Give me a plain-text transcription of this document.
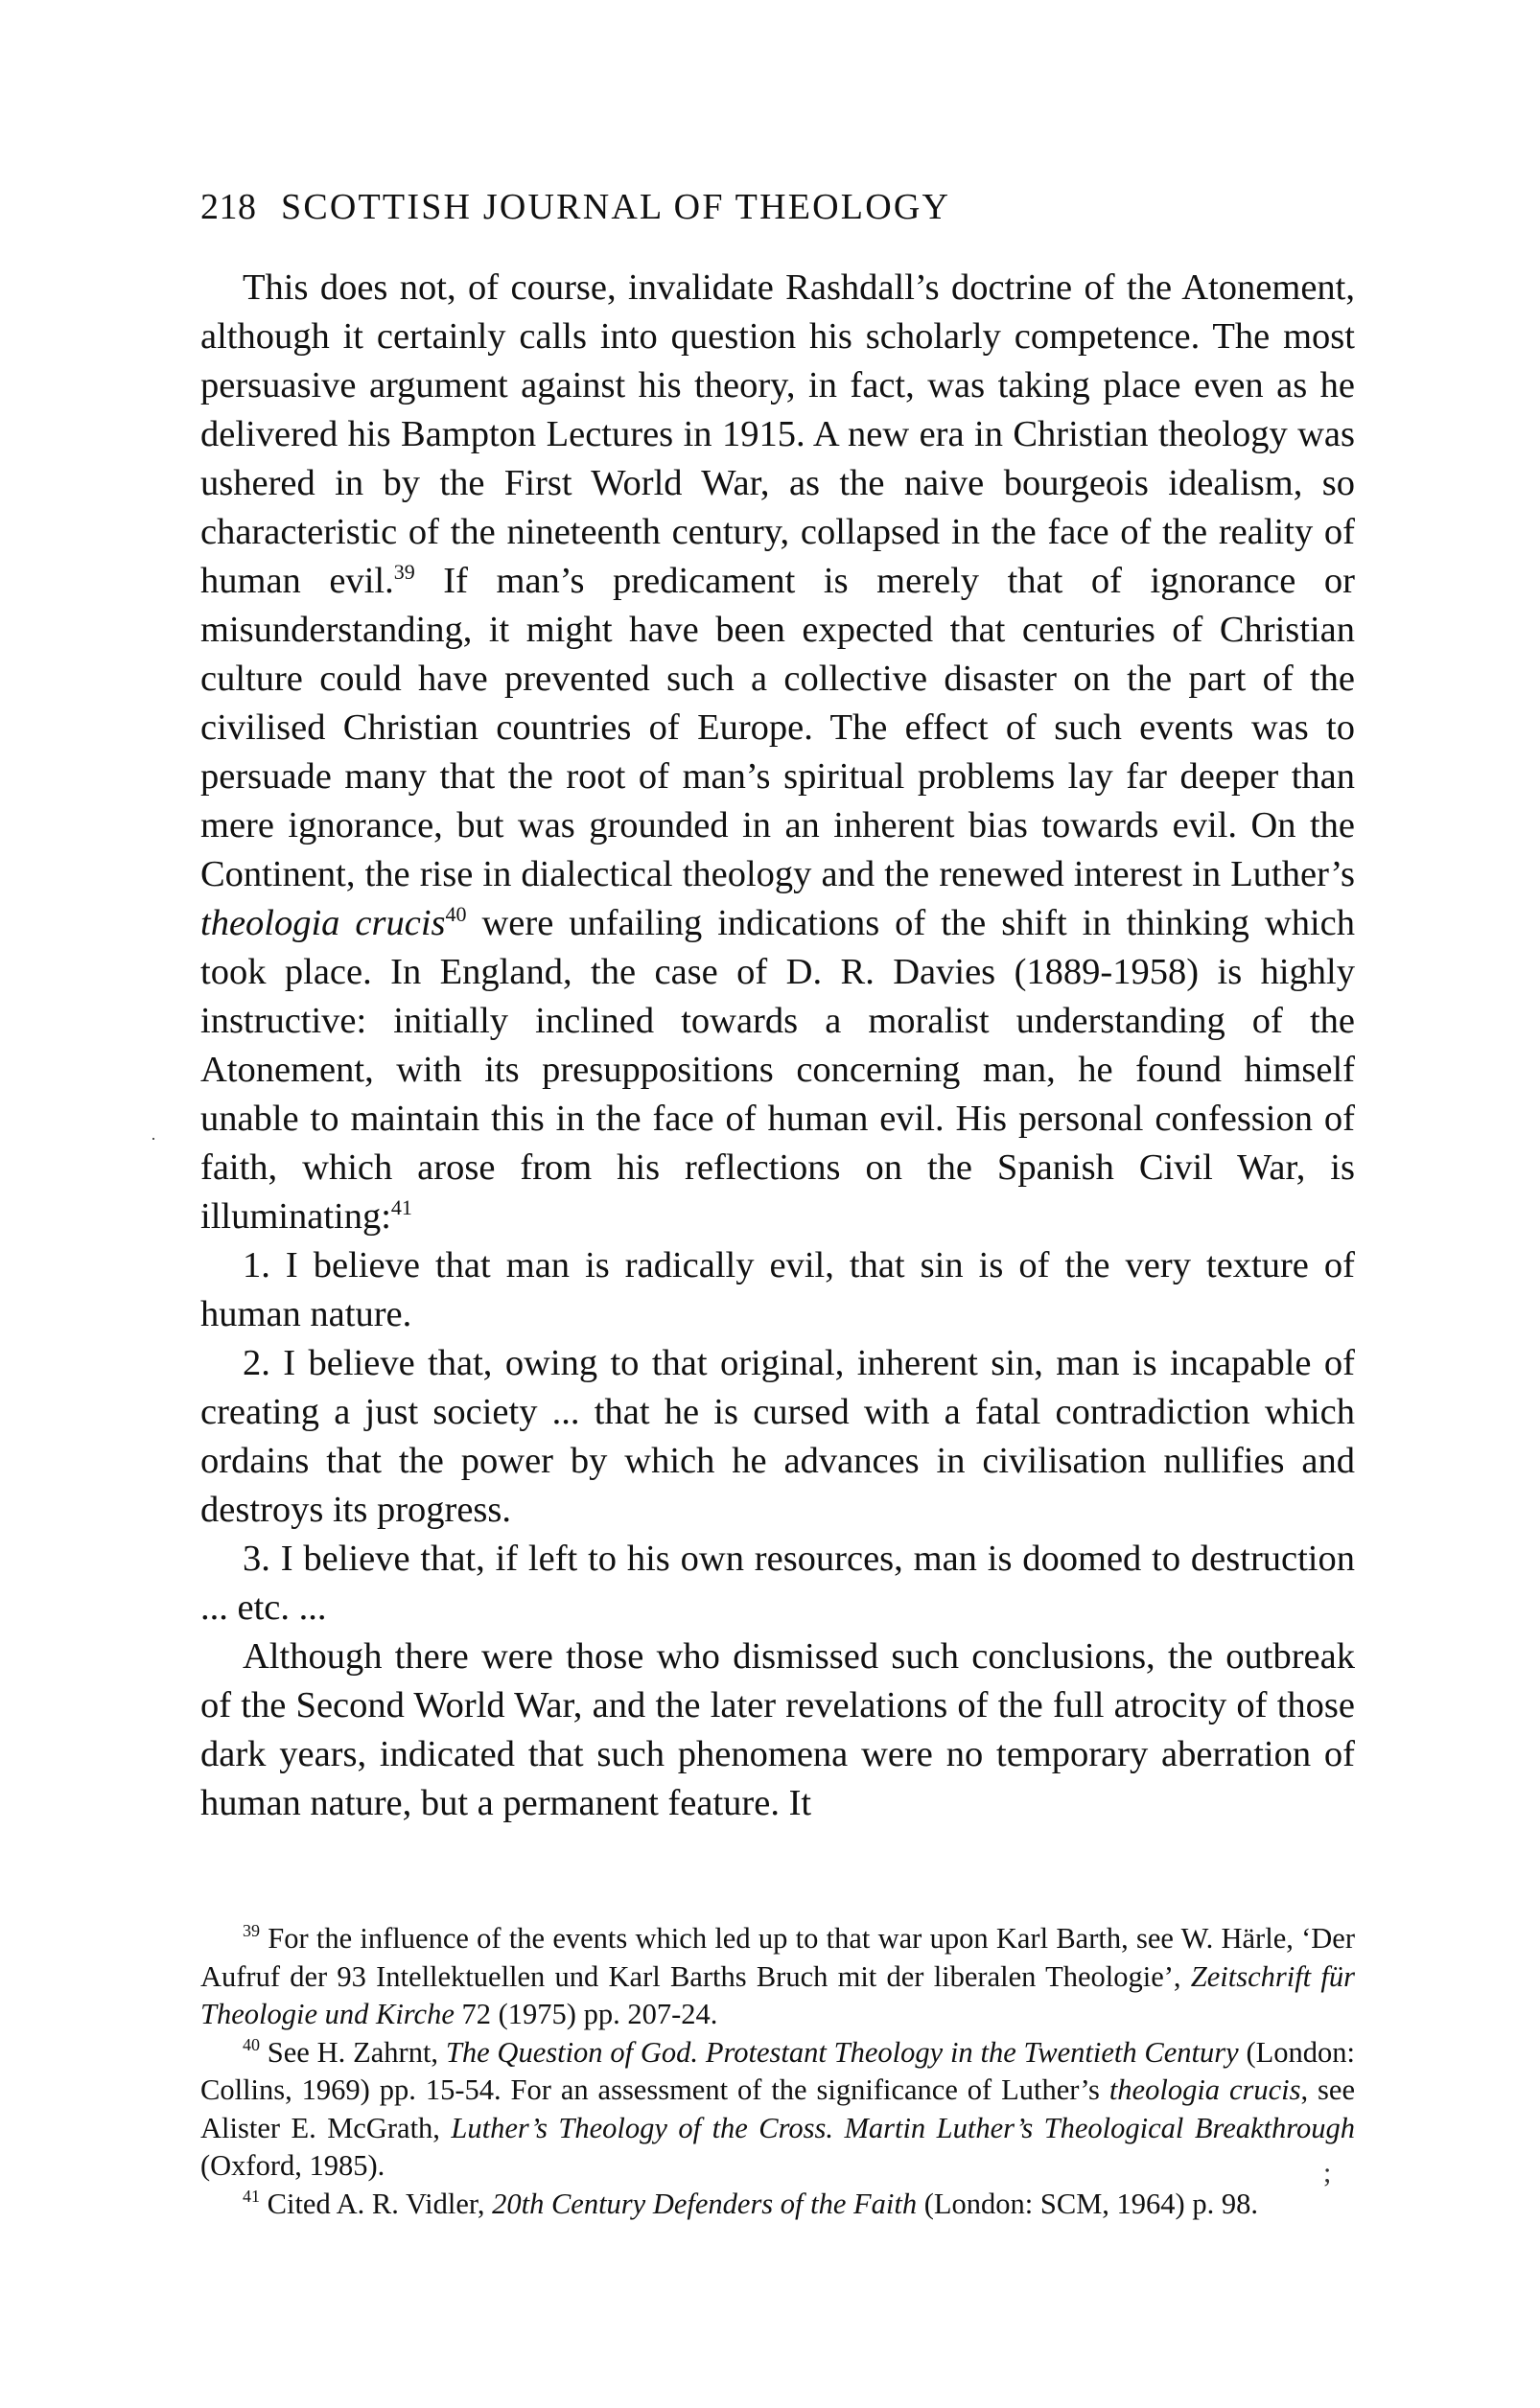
218 SCOTTISH JOURNAL OF THEOLOGY

This does not, of course, invalidate Rashdall’s doctrine of the Atonement, although it certainly calls into question his scholarly competence. The most persuasive argument against his theory, in fact, was taking place even as he delivered his Bampton Lectures in 1915. A new era in Christian theology was ushered in by the First World War, as the naive bourgeois idealism, so characteristic of the nineteenth century, collapsed in the face of the reality of human evil.$^{39}$ If man’s predicament is merely that of ignorance or misunderstanding, it might have been expected that centuries of Christian culture could have prevented such a collective disaster on the part of the civilised Christian countries of Europe. The effect of such events was to persuade many that the root of man’s spiritual problems lay far deeper than mere ignorance, but was grounded in an inherent bias towards evil. On the Continent, the rise in dialectical theology and the renewed interest in Luther’s theologia crucis$^{40}$ were unfailing indications of the shift in thinking which took place. In England, the case of D. R. Davies (1889-1958) is highly instructive: initially inclined towards a moralist understanding of the Atonement, with its presuppositions concerning man, he found himself unable to maintain this in the face of human evil. His personal confession of faith, which arose from his reflections on the Spanish Civil War, is illuminating:$^{41}$

1. I believe that man is radically evil, that sin is of the very texture of human nature.

2. I believe that, owing to that original, inherent sin, man is incapable of creating a just society ... that he is cursed with a fatal contradiction which ordains that the power by which he advances in civilisation nullifies and destroys its progress.

3. I believe that, if left to his own resources, man is doomed to destruction ... etc. ...

Although there were those who dismissed such conclusions, the outbreak of the Second World War, and the later revelations of the full atrocity of those dark years, indicated that such phenomena were no temporary aberration of human nature, but a permanent feature. It

$^{39}$ For the influence of the events which led up to that war upon Karl Barth, see W. Härle, ‘Der Aufruf der 93 Intellektuellen und Karl Barths Bruch mit der liberalen Theologie’, Zeitschrift für Theologie und Kirche 72 (1975) pp. 207-24.

$^{40}$ See H. Zahrnt, The Question of God. Protestant Theology in the Twentieth Century (London: Collins, 1969) pp. 15-54. For an assessment of the significance of Luther’s theologia crucis, see Alister E. McGrath, Luther’s Theology of the Cross. Martin Luther’s Theological Breakthrough (Oxford, 1985).

$^{41}$ Cited A. R. Vidler, 20th Century Defenders of the Faith (London: SCM, 1964) p. 98.

·
;
